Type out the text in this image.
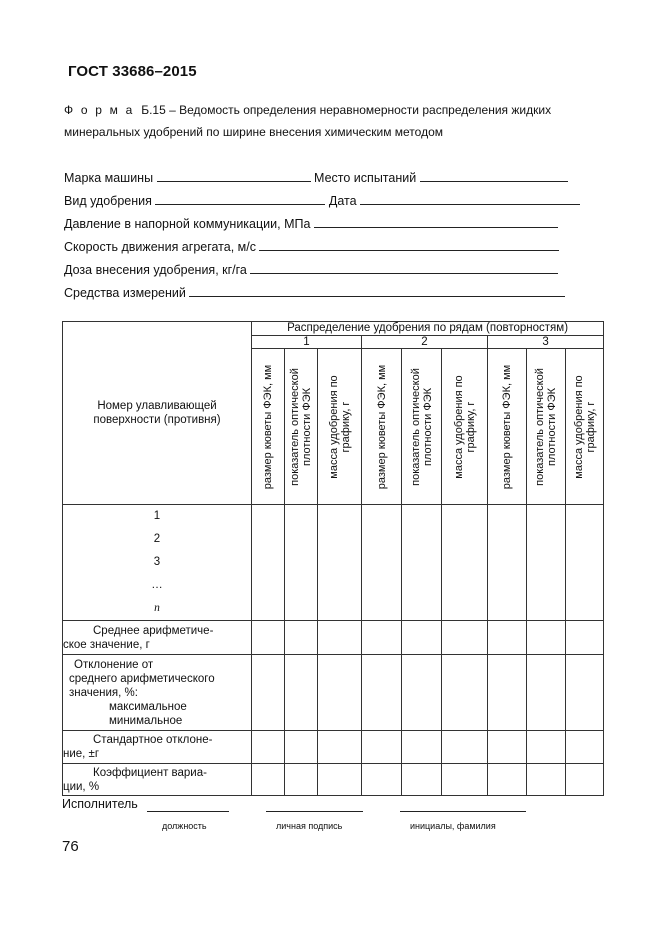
ГОСТ 33686–2015
Ф о р м а Б.15 – Ведомость определения неравномерности распределения жидких
минеральных удобрений по ширине внесения химическим методом
Марка машины	Место испытаний
Вид удобрения	Дата
Давление в напорной коммуникации, МПа
Скорость движения агрегата, м/с
Доза внесения удобрения, кг/га
Средства измерений
Номер улавливающей поверхности (противня)	Распределение удобрения по рядам (повторностям)								
	1			2			3		

	размер кюветы ФЭК, мм	показатель оптической плотности ФЭК	масса удобрения по графику, г	размер кюветы ФЭК, мм	показатель оптической плотности ФЭК	масса удобрения по графику, г	размер кюветы ФЭК, мм	показатель оптической плотности ФЭК	масса удобрения по графику, г

1
2
3
…
n									

Среднее арифметиче-
ское значение, г									

Отклонение от
среднего арифметического
значения, %:
максимальное
минимальное									

Стандартное отклоне-
ние, ±г									

Коэффициент вариа-
ции, %									

Исполнитель
должность	личная подпись	инициалы, фамилия
76
